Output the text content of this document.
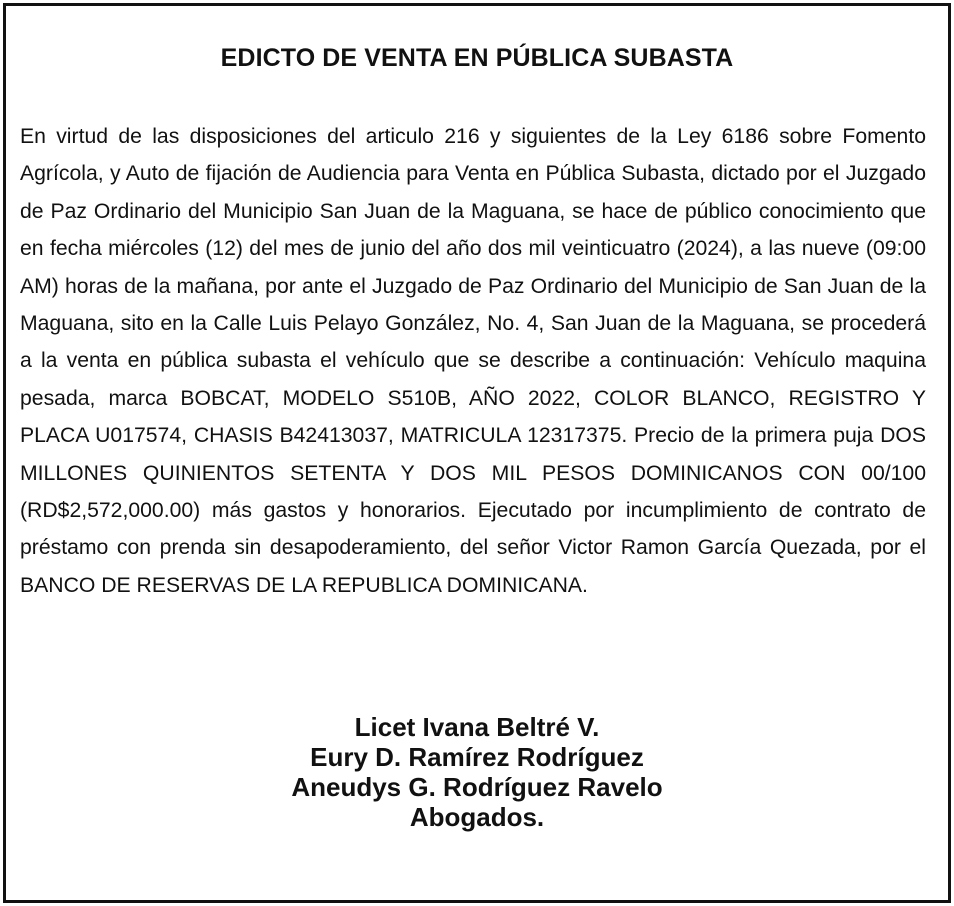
EDICTO DE VENTA EN PÚBLICA SUBASTA

En virtud de las disposiciones del articulo 216 y siguientes de la Ley 6186 sobre Fomento Agrícola, y Auto de fijación de Audiencia para Venta en Pública Subasta, dictado por el Juzgado de Paz Ordinario del Municipio San Juan de la Maguana, se hace de público conocimiento que en fecha miércoles (12) del mes de junio del año dos mil veinticuatro (2024), a las nueve (09:00 AM) horas de la mañana, por ante el Juzgado de Paz Ordinario del Municipio de San Juan de la Maguana, sito en la Calle Luis Pelayo González, No. 4, San Juan de la Maguana, se procederá a la venta en pública subasta el vehículo que se describe a continuación: Vehículo maquina pesada, marca BOBCAT, MODELO S510B, AÑO 2022, COLOR BLANCO, REGISTRO Y PLACA U017574, CHASIS B42413037, MATRICULA 12317375. Precio de la primera puja DOS MILLONES QUINIENTOS SETENTA Y DOS MIL PESOS DOMINICANOS CON 00/100 (RD$2,572,000.00) más gastos y honorarios. Ejecutado por incumplimiento de contrato de préstamo con prenda sin desapoderamiento, del señor Victor Ramon García Quezada, por el BANCO DE RESERVAS DE LA REPUBLICA DOMINICANA.

Licet Ivana Beltré V.
Eury D. Ramírez Rodríguez
Aneudys G. Rodríguez Ravelo
Abogados.
